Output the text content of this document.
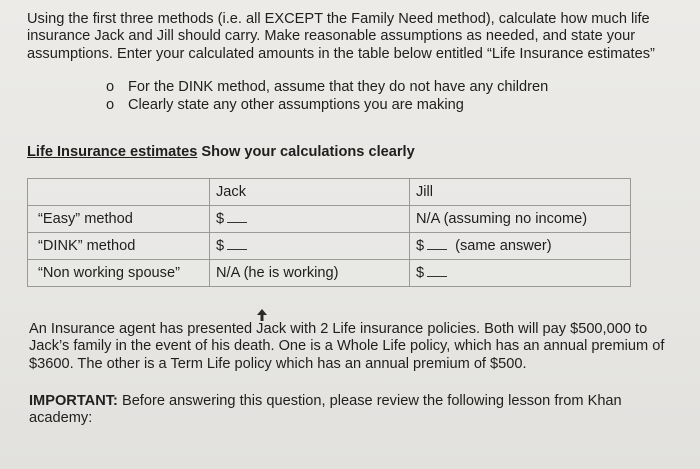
Using the first three methods (i.e. all EXCEPT the Family Need method), calculate how much life insurance Jack and Jill should carry. Make reasonable assumptions as needed, and state your assumptions. Enter your calculated amounts in the table below entitled “Life Insurance estimates”
o For the DINK method, assume that they do not have any children
o Clearly state any other assumptions you are making
Life Insurance estimates Show your calculations clearly
	Jack	Jill
“Easy” method	$	N/A (assuming no income)
“DINK” method	$	$ (same answer)
“Non working spouse”	N/A (he is working)	$
An Insurance agent has presented Jack with 2 Life insurance policies. Both will pay $500,000 to Jack’s family in the event of his death. One is a Whole Life policy, which has an annual premium of $3600. The other is a Term Life policy which has an annual premium of $500.
IMPORTANT: Before answering this question, please review the following lesson from Khan academy:
